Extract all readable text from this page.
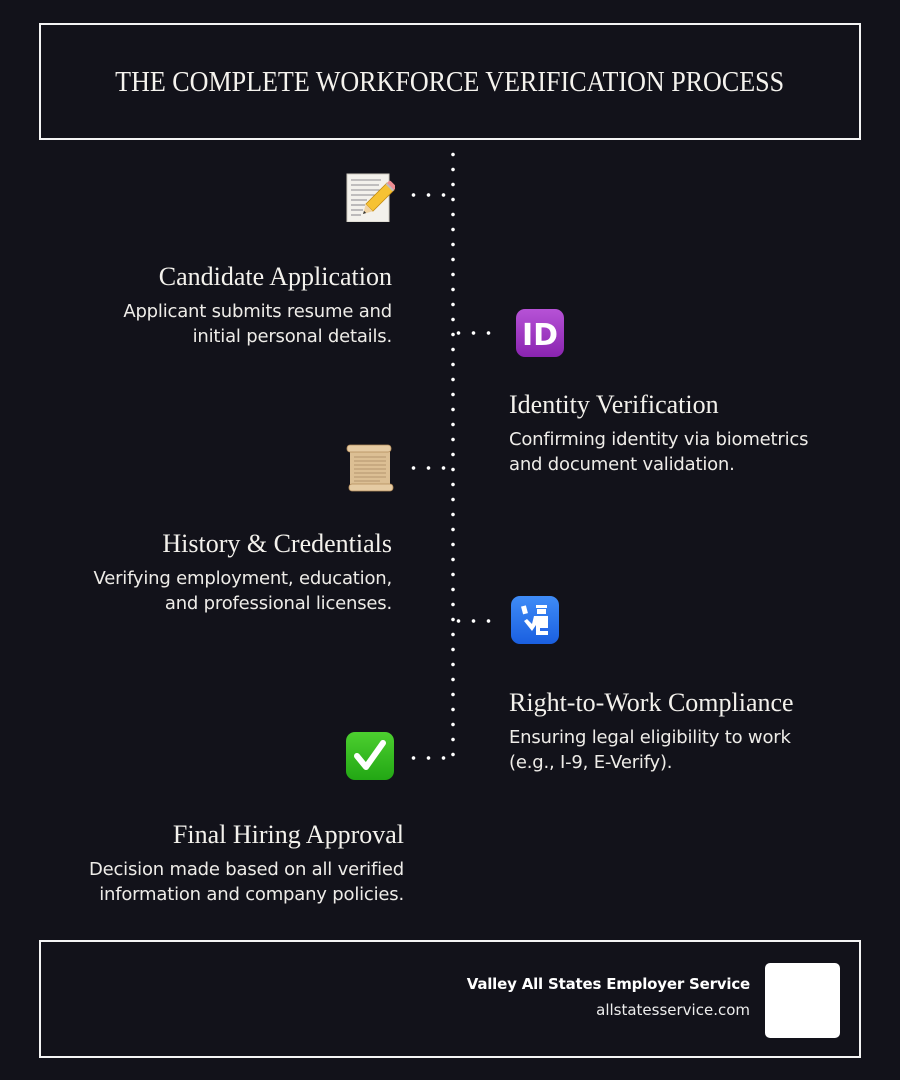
THE COMPLETE WORKFORCE VERIFICATION PROCESS
ID
Candidate Application
Applicant submits resume and
initial personal details.
Identity Verification
Confirming identity via biometrics
and document validation.
History & Credentials
Verifying employment, education,
and professional licenses.
Right-to-Work Compliance
Ensuring legal eligibility to work
(e.g., I-9, E-Verify).
Final Hiring Approval
Decision made based on all verified
information and company policies.
Valley All States Employer Service
allstatesservice.com
